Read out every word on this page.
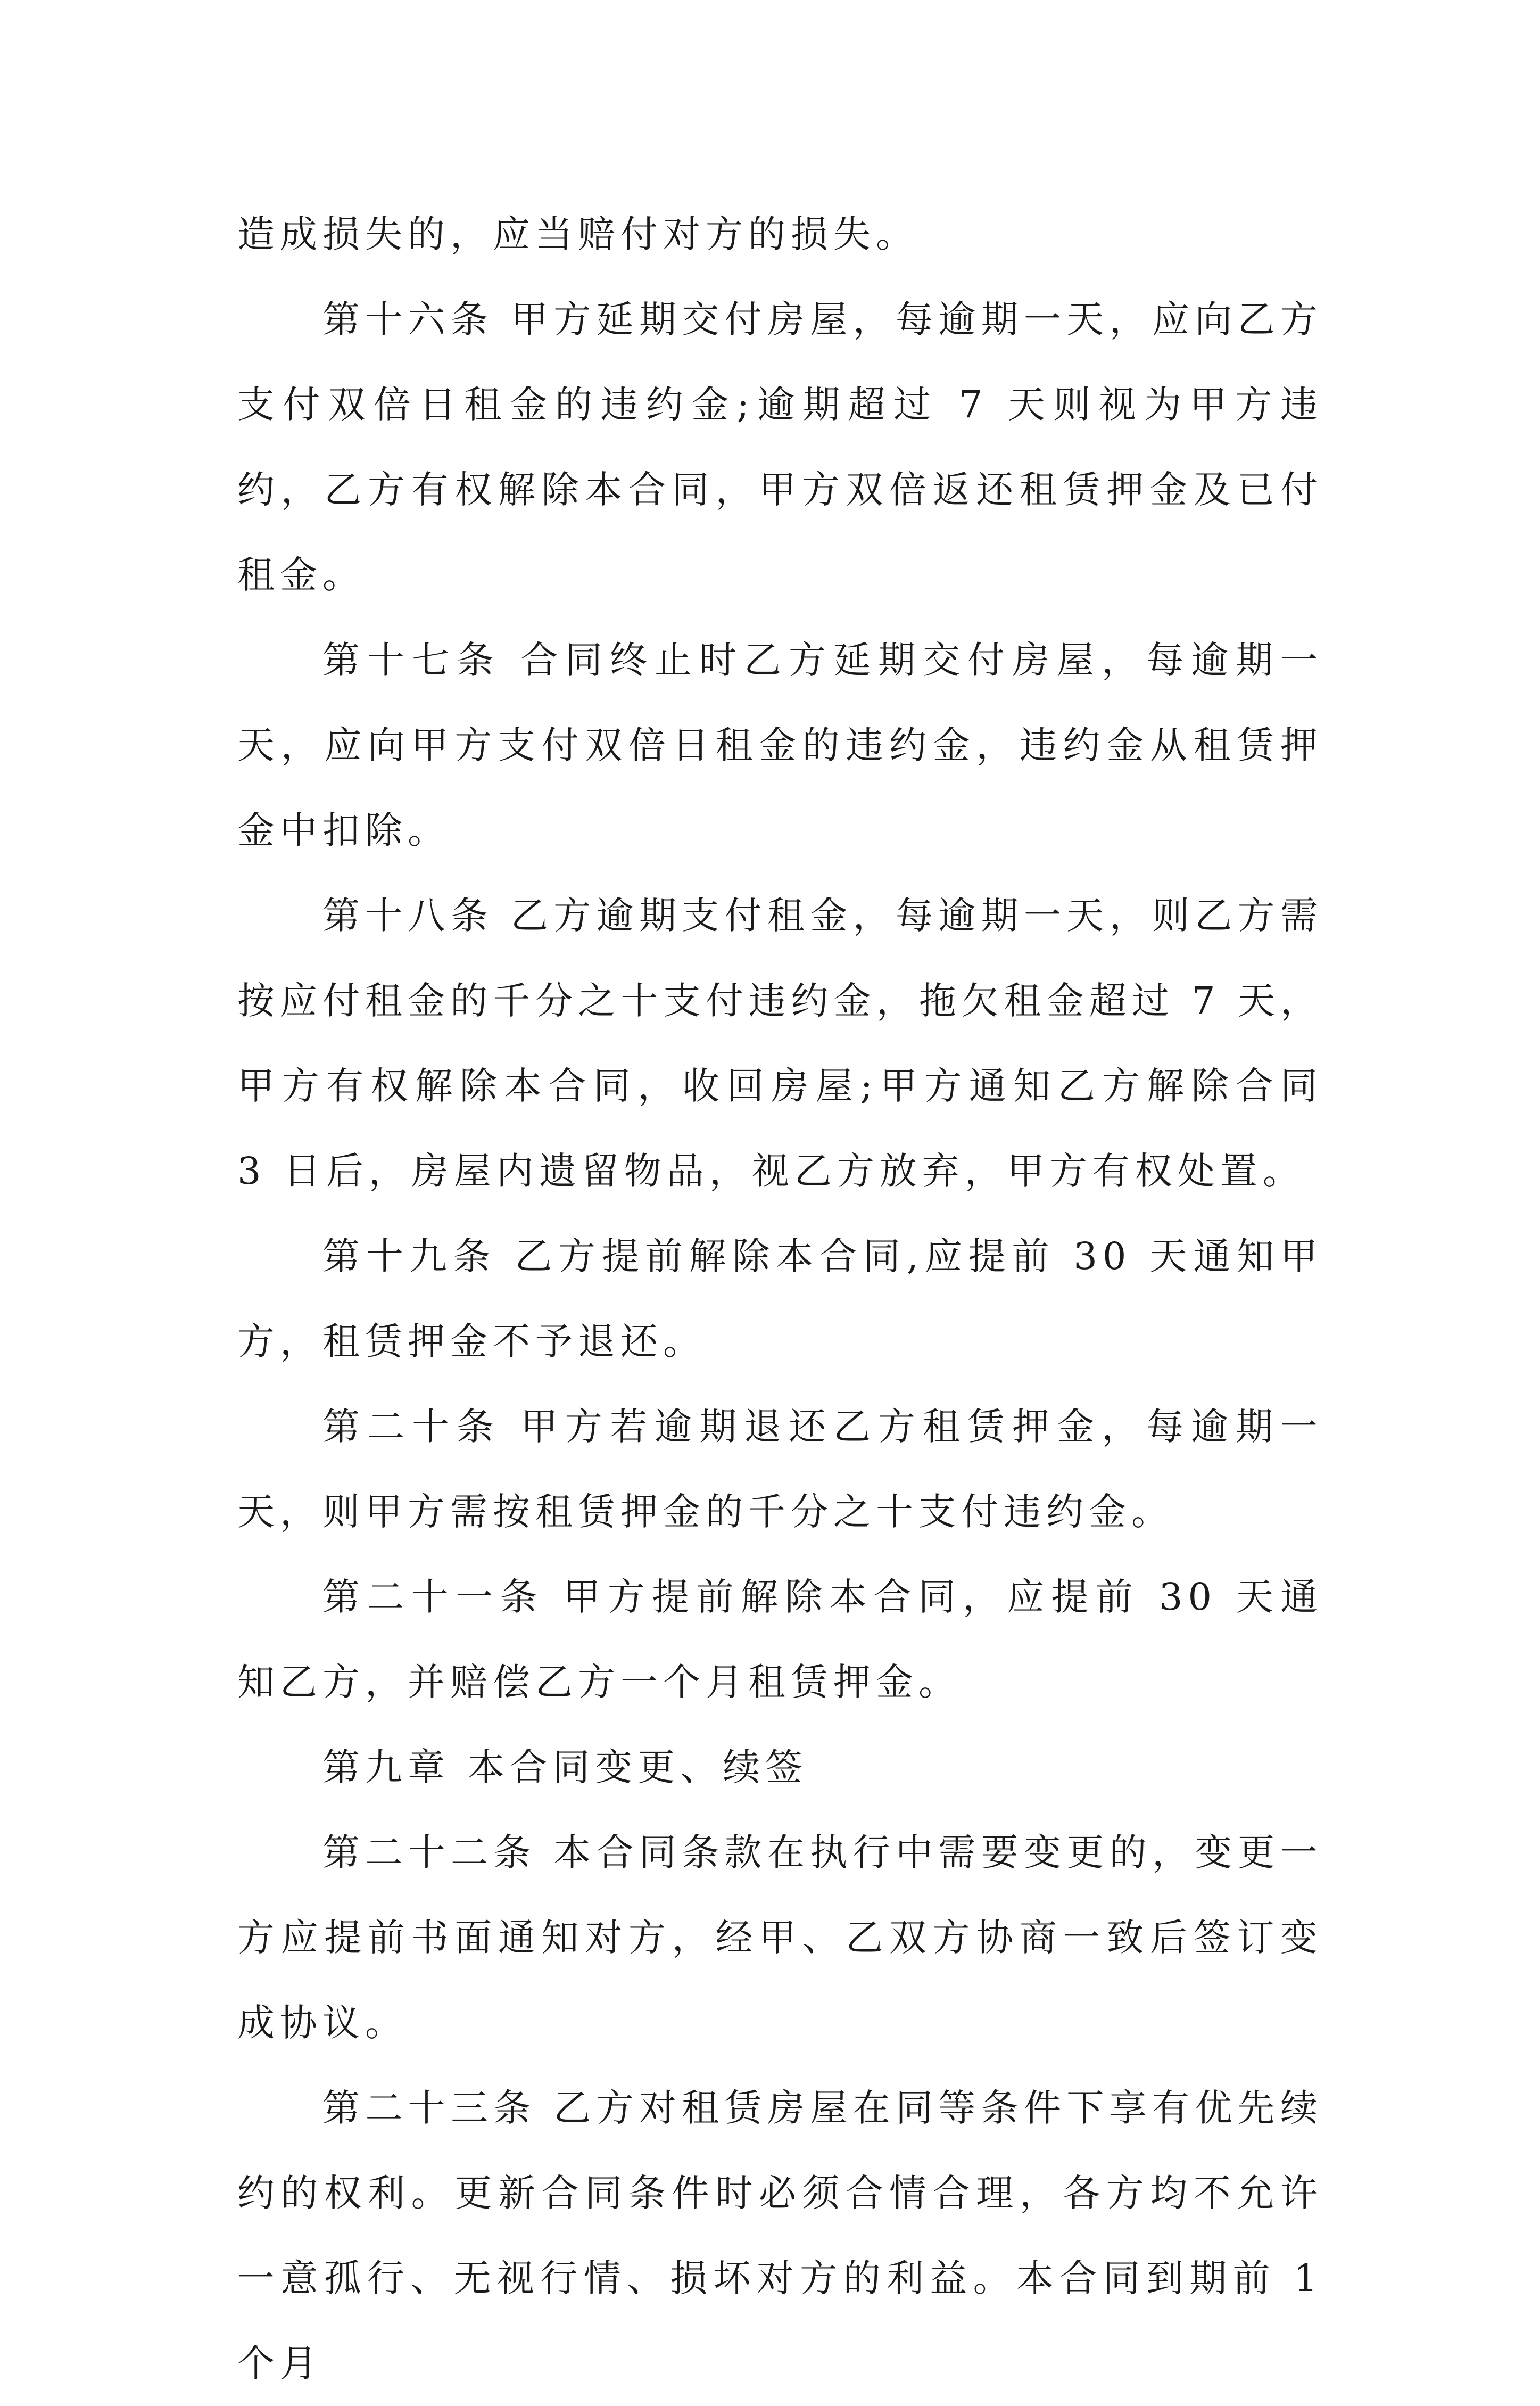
造成损失的，应当赔付对方的损失。

第十六条 甲方延期交付房屋，每逾期一天，应向乙方支付双倍日租金的违约金;逾期超过 7 天则视为甲方违约，乙方有权解除本合同，甲方双倍返还租赁押金及已付租金。

第十七条 合同终止时乙方延期交付房屋，每逾期一天，应向甲方支付双倍日租金的违约金，违约金从租赁押金中扣除。

第十八条 乙方逾期支付租金，每逾期一天，则乙方需按应付租金的千分之十支付违约金，拖欠租金超过 7 天，甲方有权解除本合同，收回房屋;甲方通知乙方解除合同 3 日后，房屋内遗留物品，视乙方放弃，甲方有权处置。

第十九条 乙方提前解除本合同,应提前 30 天通知甲方，租赁押金不予退还。

第二十条 甲方若逾期退还乙方租赁押金，每逾期一天，则甲方需按租赁押金的千分之十支付违约金。

第二十一条 甲方提前解除本合同，应提前 30 天通知乙方，并赔偿乙方一个月租赁押金。

第九章 本合同变更、续签

第二十二条 本合同条款在执行中需要变更的，变更一方应提前书面通知对方，经甲、乙双方协商一致后签订变成协议。

第二十三条 乙方对租赁房屋在同等条件下享有优先续约的权利。更新合同条件时必须合情合理，各方均不允许一意孤行、无视行情、损坏对方的利益。本合同到期前 1 个月
